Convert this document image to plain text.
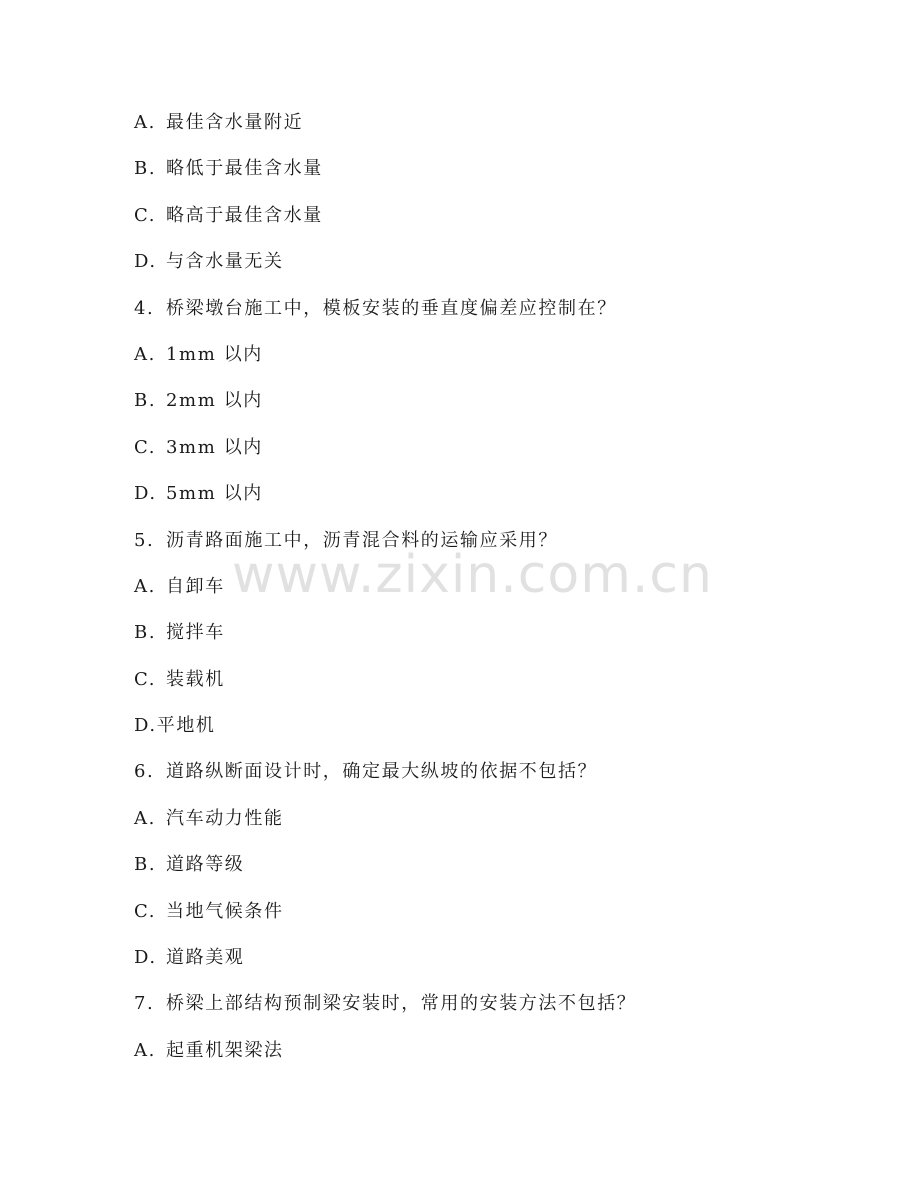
A. 最佳含水量附近
B. 略低于最佳含水量
C. 略高于最佳含水量
D. 与含水量无关
4. 桥梁墩台施工中，模板安装的垂直度偏差应控制在？
A. 1mm 以内
B. 2mm 以内
C. 3mm 以内
D. 5mm 以内
5. 沥青路面施工中，沥青混合料的运输应采用？
A. 自卸车
B. 搅拌车
C. 装载机
D.平地机
6. 道路纵断面设计时，确定最大纵坡的依据不包括？
A. 汽车动力性能
B. 道路等级
C. 当地气候条件
D. 道路美观
7. 桥梁上部结构预制梁安装时，常用的安装方法不包括？
A. 起重机架梁法
www.zixin.com.cn
